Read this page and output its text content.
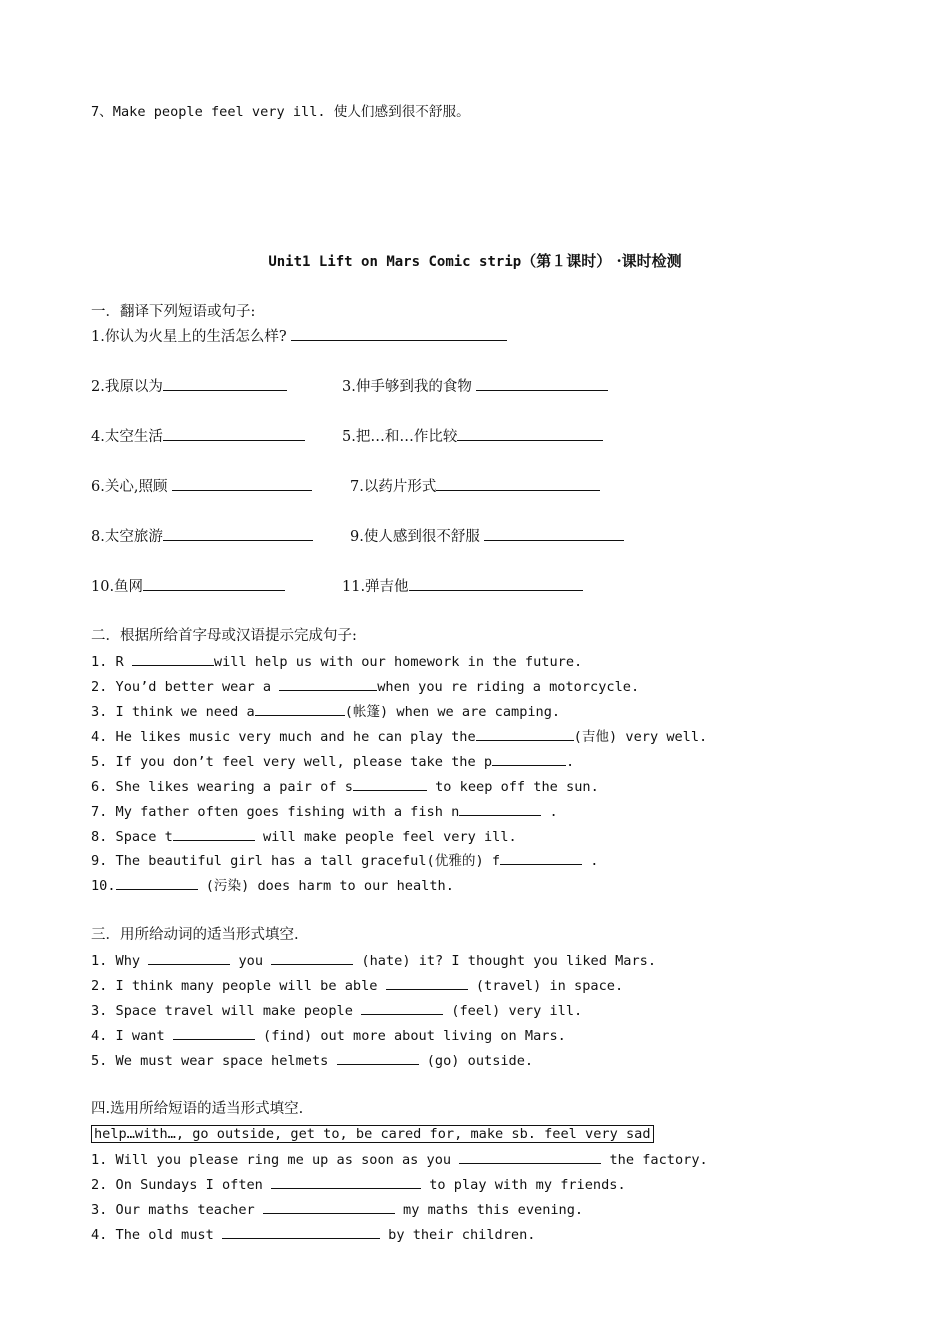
7、Make people feel very ill. 使人们感到很不舒服。
Unit1 Lift on Mars Comic strip（第１课时） ·课时检测
一．翻译下列短语或句子:
1.你认为火星上的生活怎么样?
2.我原以为	3.伸手够到我的食物
4.太空生活	5.把…和…作比较
6.关心,照顾	7.以药片形式
8.太空旅游	9.使人感到很不舒服
10.鱼网	11.弹吉他
二．根据所给首字母或汉语提示完成句子:
1. R	will help us with our homework in the future.
2. You’d better wear a	when you re riding a motorcycle.
3. I think we need a	(帐篷) when we are camping.
4. He likes music very much and he can play the	(吉他) very well.
5. If you don’t feel very well, please take the p	.
6. She likes wearing a pair of s	to keep off the sun.
7. My father often goes fishing with a fish n	.
8. Space t	will make people feel very ill.
9. The beautiful girl has a tall graceful(优雅的) f	.
10.	(污染) does harm to our health.
三．用所给动词的适当形式填空.
1. Why	you	(hate) it? I thought you liked Mars.
2. I think many people will be able	(travel) in space.
3. Space travel will make people	(feel) very ill.
4. I want	(find) out more about living on Mars.
5. We must wear space helmets	(go) outside.
四.选用所给短语的适当形式填空.
help…with…, go outside, get to, be cared for, make sb. feel very sad
1. Will you please ring me up as soon as you	the factory.
2. On Sundays I often	to play with my friends.
3. Our maths teacher	my maths this evening.
4. The old must	by their children.
